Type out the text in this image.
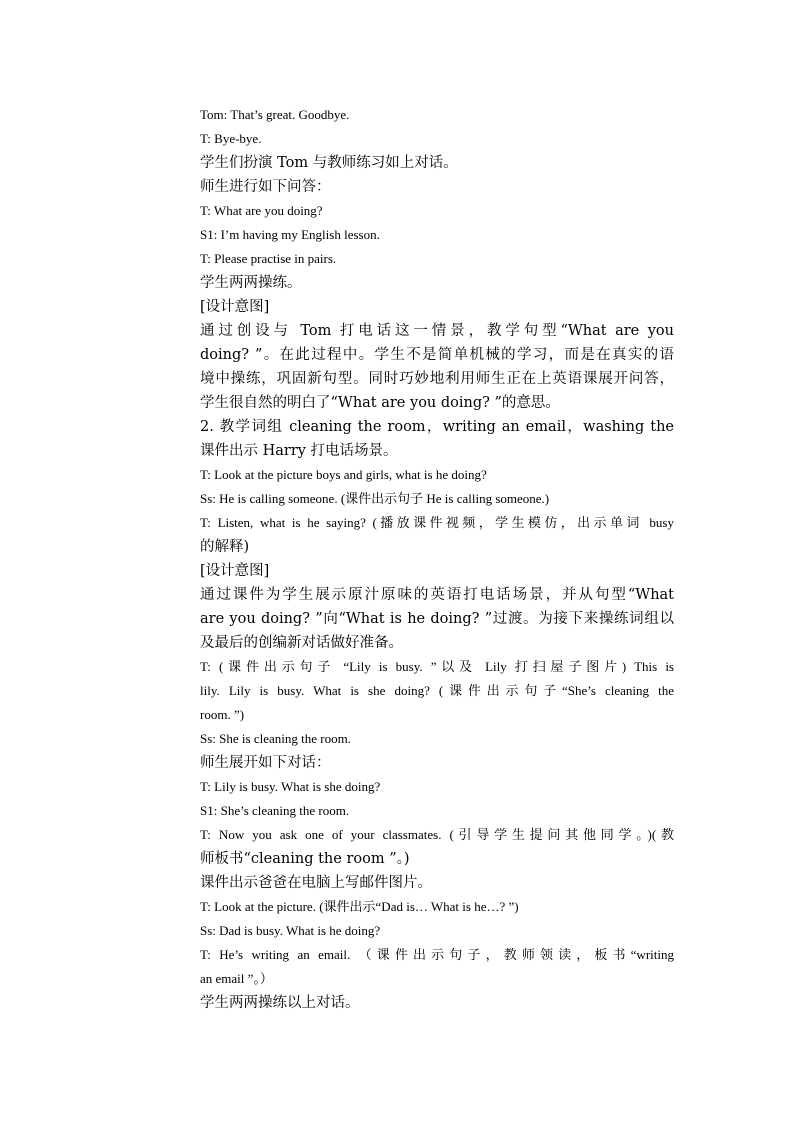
Tom: That’s great. Goodbye.
T: Bye-bye.
学生们扮演 Tom 与教师练习如上对话。
师生进行如下问答：
T: What are you doing?
S1: I’m having my English lesson.
T: Please practise in pairs.
学生两两操练。
[设计意图]
通过创设与 Tom 打电话这一情景，教学句型“What are you
doing? ”。在此过程中。学生不是简单机械的学习，而是在真实的语
境中操练，巩固新句型。同时巧妙地利用师生正在上英语课展开问答，
学生很自然的明白了“What are you doing? ”的意思。
2. 教学词组 cleaning the room，writing an email，washing the
课件出示 Harry 打电话场景。
T: Look at the picture boys and girls, what is he doing?
Ss: He is calling someone. (课件出示句子 He is calling someone.)
T: Listen, what is he saying? (播放课件视频，学生模仿，出示单词 busy
的解释)
[设计意图]
通过课件为学生展示原汁原味的英语打电话场景，并从句型“What
are you doing? ”向“What is he doing? ”过渡。为接下来操练词组以
及最后的创编新对话做好准备。
T: (课件出示句子 “Lily is busy. ”以及 Lily 打扫屋子图片) This is
lily. Lily is busy. What is she doing? (课件出示句子“She’s cleaning the
room. ”)
Ss: She is cleaning the room.
师生展开如下对话：
T: Lily is busy. What is she doing?
S1: She’s cleaning the room.
T: Now you ask one of your classmates. (引导学生提问其他同学。)(教
师板书“cleaning the room ”。)
课件出示爸爸在电脑上写邮件图片。
T: Look at the picture. (课件出示“Dad is… What is he…? ”)
Ss: Dad is busy. What is he doing?
T: He’s writing an email. （课件出示句子，教师领读，板书“writing
an email ”。）
学生两两操练以上对话。
